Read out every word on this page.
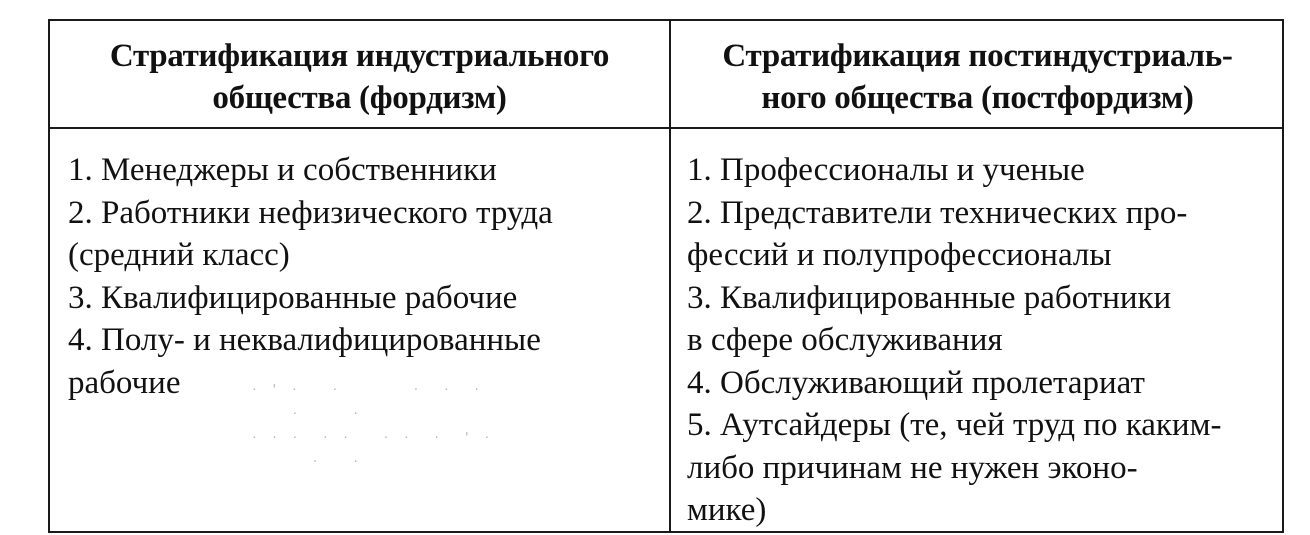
Стратификация индустриального
общества (фордизм)
Стратификация постиндустриаль-
ного общества (постфордизм)
1. Менеджеры и собственники
2. Работники нефизического труда
(средний класс)
3. Квалифицированные рабочие
4. Полу- и неквалифицированные
рабочие
1. Профессионалы и ученые
2. Представители технических про-
фессий и полупрофессионалы
3. Квалифицированные работники
в сфере обслуживания
4. Обслуживающий пролетариат
5. Аутсайдеры (те, чей труд по каким-
либо причинам не нужен эконо-
мике)

· ' ·   ·       ·  ·  ·
·     ·
· · ·  · ·   · ·  ·  ' ·
·   ·
